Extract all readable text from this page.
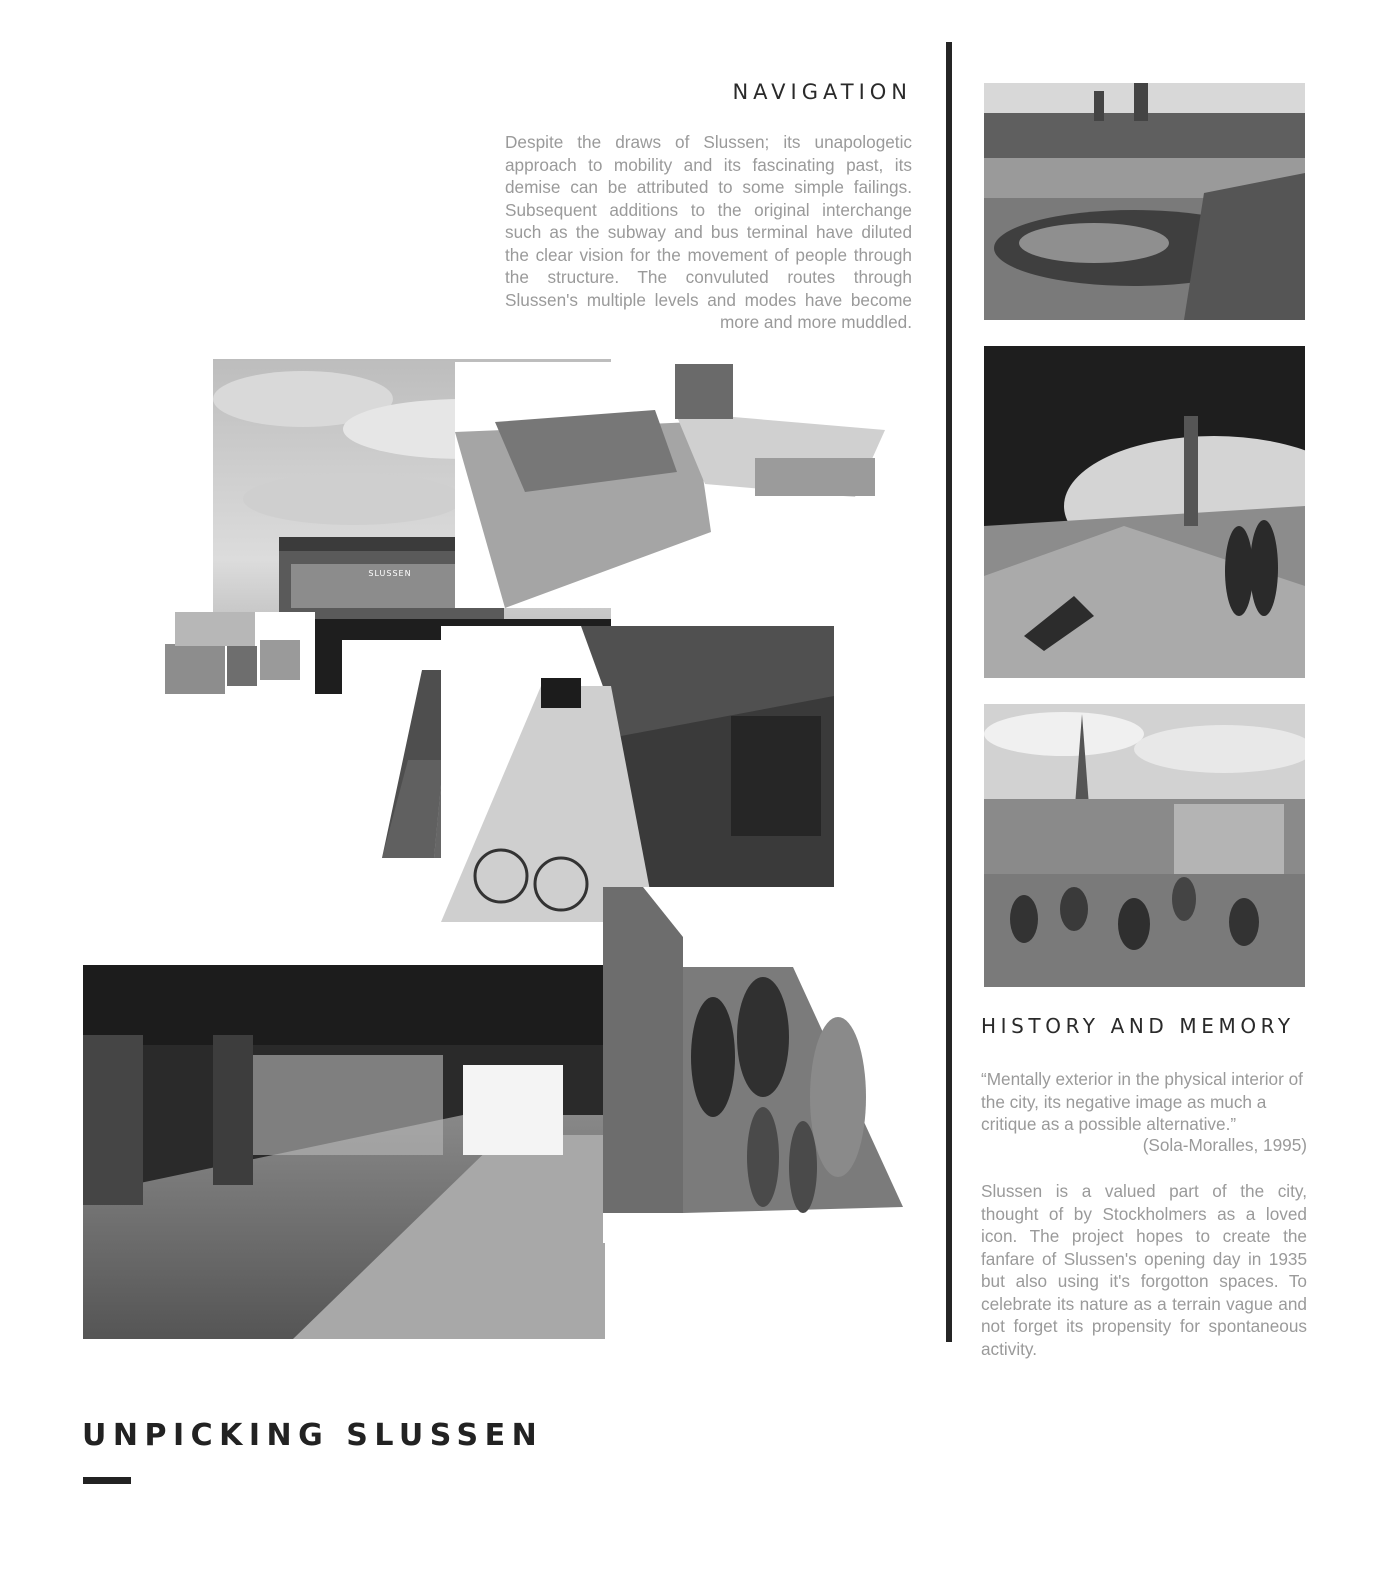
NAVIGATION

Despite the draws of Slussen; its unapologetic approach to mobility and its fascinating past, its demise can be attributed to some simple failings. Subsequent additions to the original interchange such as the subway and bus terminal have diluted the clear vision for the movement of people through the structure. The convuluted routes through Slussen's multiple levels and modes have become more and more muddled.

SLUSSEN
HISTORY AND MEMORY

“Mentally exterior in the physical interior of the city, its negative image as much a critique as a possible alternative.”

(Sola-Moralles, 1995)

Slussen is a valued part of the city, thought of by Stockholmers as a loved icon. The project hopes to create the fanfare of Slussen's opening day in 1935 but also using it's forgotton spaces. To celebrate its nature as a terrain vague and not forget its propensity for spontaneous activity.

UNPICKING SLUSSEN
